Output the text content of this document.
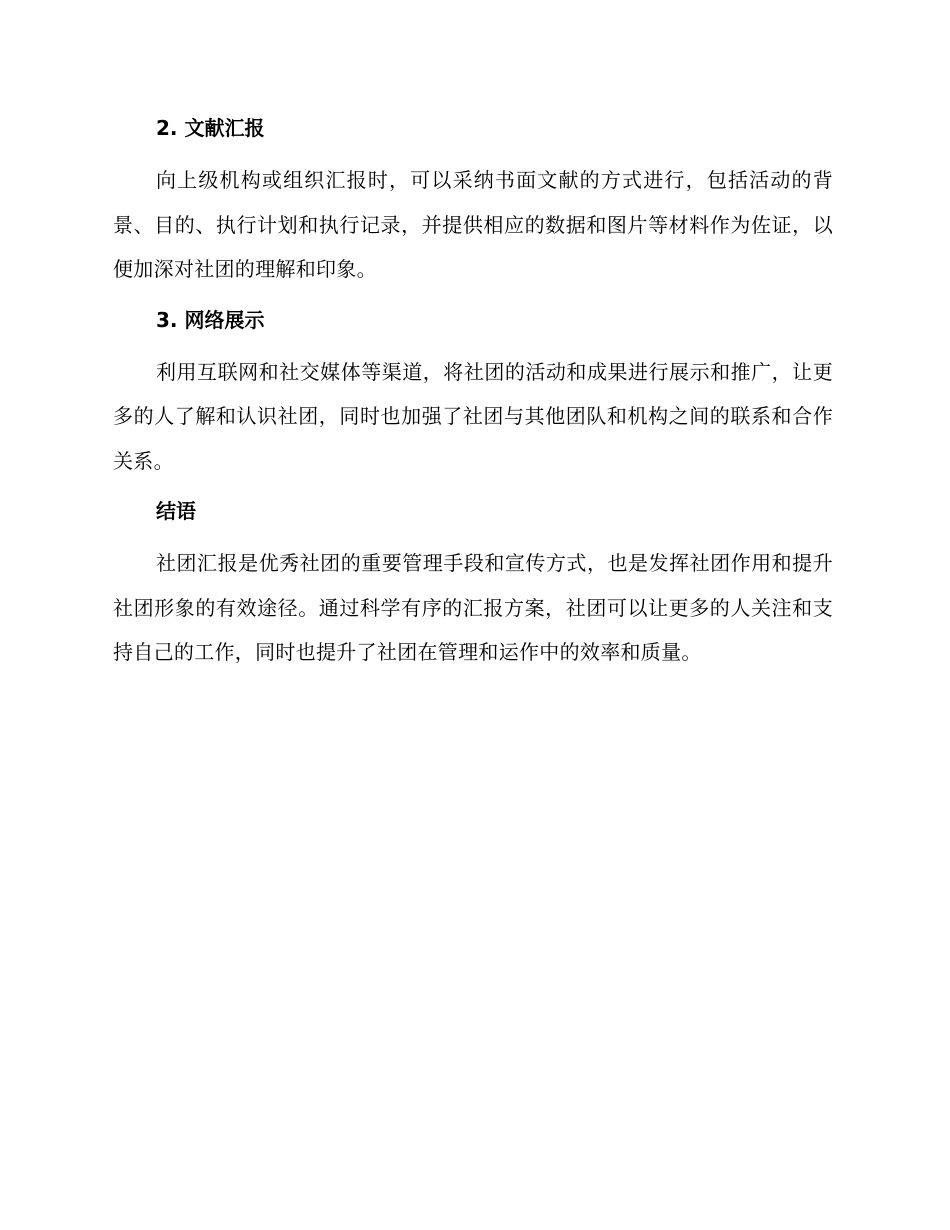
2. 文献汇报

向上级机构或组织汇报时，可以采纳书面文献的方式进行，包括活动的背景、目的、执行计划和执行记录，并提供相应的数据和图片等材料作为佐证，以便加深对社团的理解和印象。

3. 网络展示

利用互联网和社交媒体等渠道，将社团的活动和成果进行展示和推广，让更多的人了解和认识社团，同时也加强了社团与其他团队和机构之间的联系和合作关系。

结语

社团汇报是优秀社团的重要管理手段和宣传方式，也是发挥社团作用和提升社团形象的有效途径。通过科学有序的汇报方案，社团可以让更多的人关注和支持自己的工作，同时也提升了社团在管理和运作中的效率和质量。
